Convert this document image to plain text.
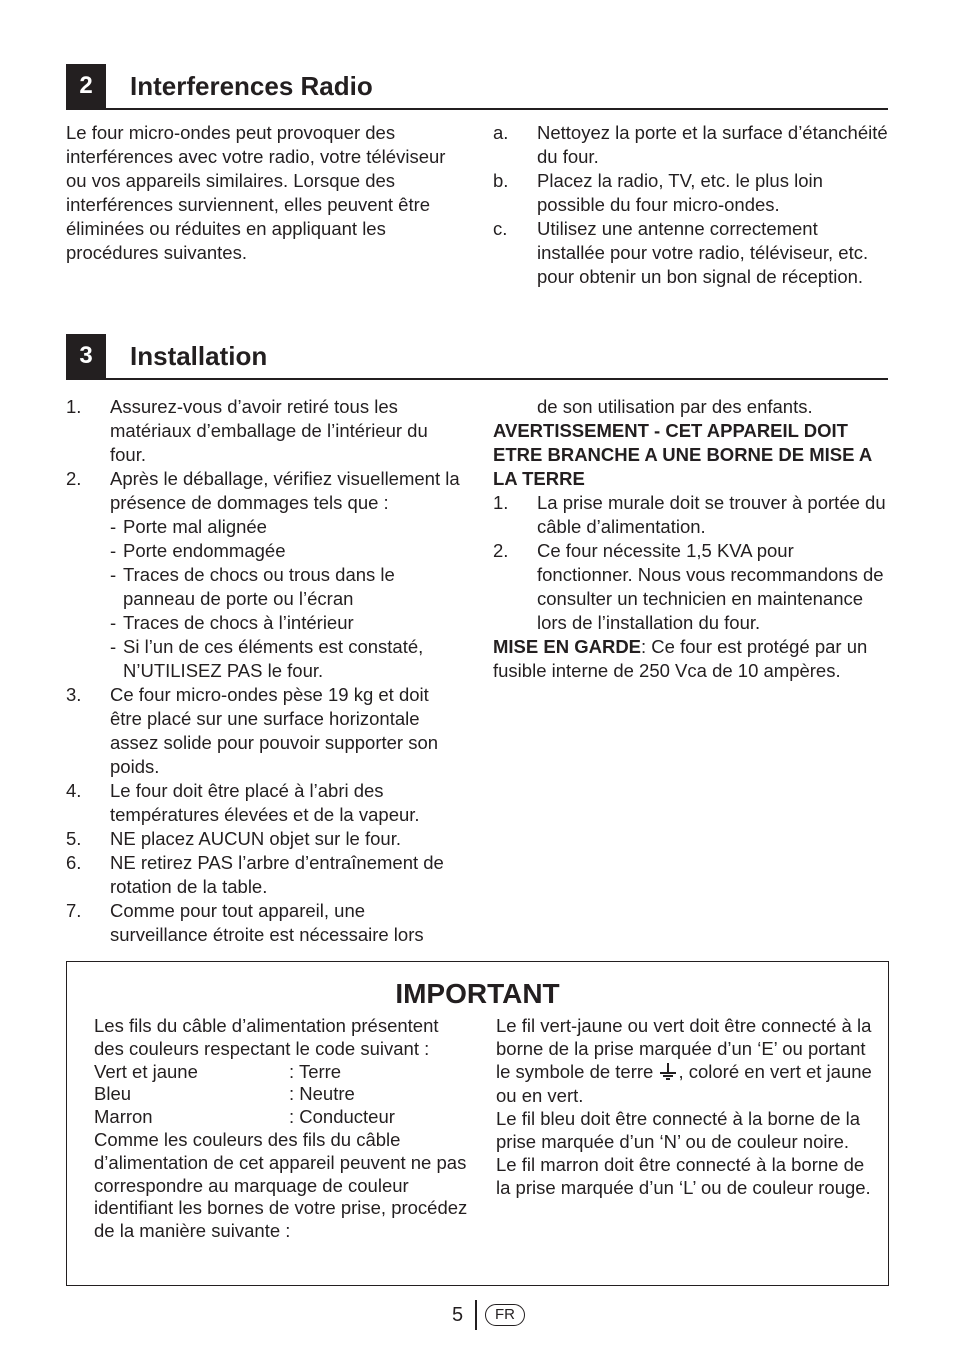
2	Interferences Radio

Le four micro-ondes peut provoquer des interférences avec votre radio, votre téléviseur ou vos appareils similaires. Lorsque des interférences surviennent, elles peuvent être éliminées ou réduites en appliquant les procédures suivantes.

a. Nettoyez la porte et la surface d’étanchéité du four.
b. Placez la radio, TV, etc. le plus loin possible du four micro-ondes.
c. Utilisez une antenne correctement installée pour votre radio, téléviseur, etc. pour obtenir un bon signal de réception.
3	Installation
1. Assurez-vous d’avoir retiré tous les matériaux d’emballage de l’intérieur du four.
2. Après le déballage, vérifiez visuellement la présence de dommages tels que :
- Porte mal alignée
- Porte endommagée
- Traces de chocs ou trous dans le panneau de porte ou l’écran
- Traces de chocs à l’intérieur
- Si l’un de ces éléments est constaté, N’UTILISEZ PAS le four.
3. Ce four micro-ondes pèse 19 kg et doit être placé sur une surface horizontale assez solide pour pouvoir supporter son poids.
4. Le four doit être placé à l’abri des températures élevées et de la vapeur.
5. NE placez AUCUN objet sur le four.
6. NE retirez PAS l’arbre d’entraînement de rotation de la table.
7. Comme pour tout appareil, une surveillance étroite est nécessaire lors
de son utilisation par des enfants.

AVERTISSEMENT - CET APPAREIL DOIT ETRE BRANCHE A UNE BORNE DE MISE A LA TERRE

1. La prise murale doit se trouver à portée du câble d’alimentation.
2. Ce four nécessite 1,5 KVA pour fonctionner. Nous vous recommandons de consulter un technicien en maintenance lors de l’installation du four.

MISE EN GARDE: Ce four est protégé par un fusible interne de 250 Vca de 10 ampères.

IMPORTANT

Les fils du câble d’alimentation présentent des couleurs respectant le code suivant :

Vert et jaune	: Terre
Bleu	: Neutre
Marron	: Conducteur

Comme les couleurs des fils du câble d’alimentation de cet appareil peuvent ne pas correspondre au marquage de couleur identifiant les bornes de votre prise, procédez de la manière suivante :

Le fil vert-jaune ou vert doit être connecté à la borne de la prise marquée d’un ‘E’ ou portant le symbole de terre , coloré en vert et jaune ou en vert.

Le fil bleu doit être connecté à la borne de la prise marquée d’un ‘N’ ou de couleur noire.

Le fil marron doit être connecté à la borne de la prise marquée d’un ‘L’ ou de couleur rouge.

5	FR
